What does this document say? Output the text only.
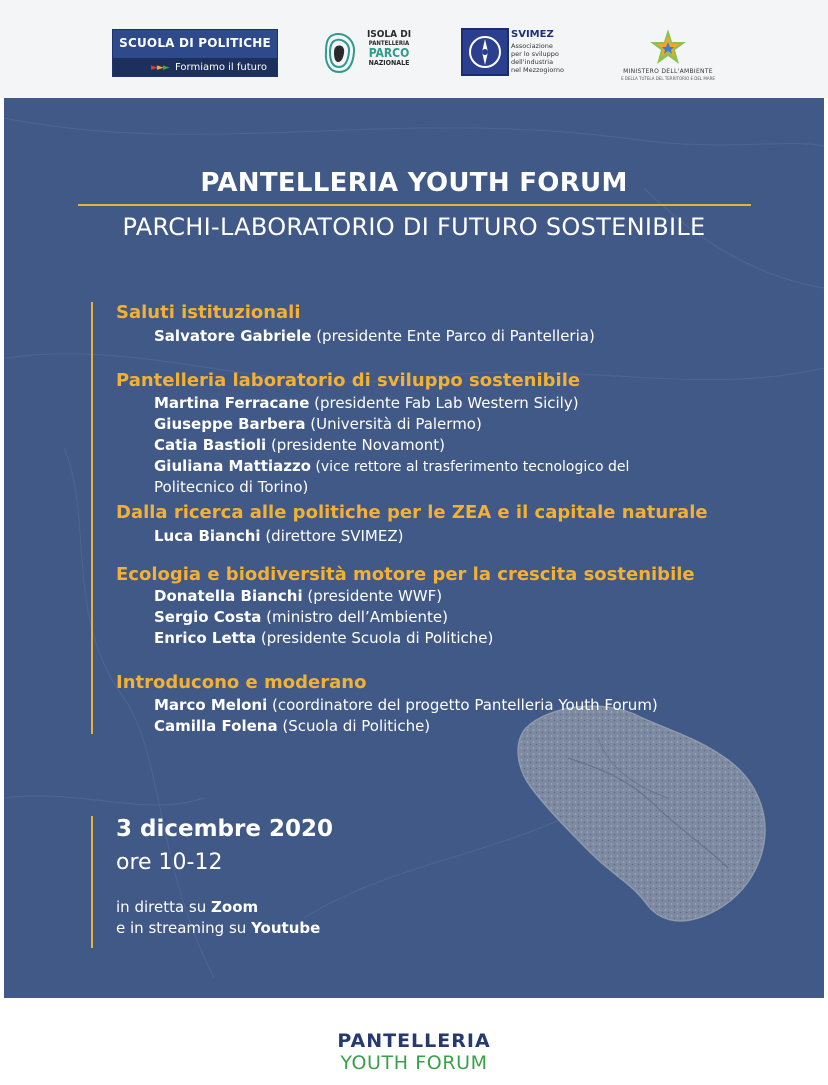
SCUOLA DI POLITICHE
►►► Formiamo il futuro
ISOLA DI
PANTELLERIA
PARCO
NAZIONALE
SVIMEZ
Associazione
per lo sviluppo
dell'industria
nel Mezzogiorno	MINISTERO DELL'AMBIENTE
E DELLA TUTELA DEL TERRITORIO E DEL MARE
PANTELLERIA YOUTH FORUM
PARCHI-LABORATORIO DI FUTURO SOSTENIBILE
Saluti istituzionali
Salvatore Gabriele (presidente Ente Parco di Pantelleria)
Pantelleria laboratorio di sviluppo sostenibile
Martina Ferracane (presidente Fab Lab Western Sicily)
Giuseppe Barbera (Università di Palermo)
Catia Bastioli (presidente Novamont)
Giuliana Mattiazzo (vice rettore al trasferimento tecnologico del
Politecnico di Torino)
Dalla ricerca alle politiche per le ZEA e il capitale naturale
Luca Bianchi (direttore SVIMEZ)
Ecologia e biodiversità motore per la crescita sostenibile
Donatella Bianchi (presidente WWF)
Sergio Costa (ministro dell’Ambiente)
Enrico Letta (presidente Scuola di Politiche)
Introducono e moderano
Marco Meloni (coordinatore del progetto Pantelleria Youth Forum)
Camilla Folena (Scuola di Politiche)
3 dicembre 2020
ore 10-12
in diretta su Zoom
e in streaming su Youtube
PANTELLERIA
YOUTH FORUM
